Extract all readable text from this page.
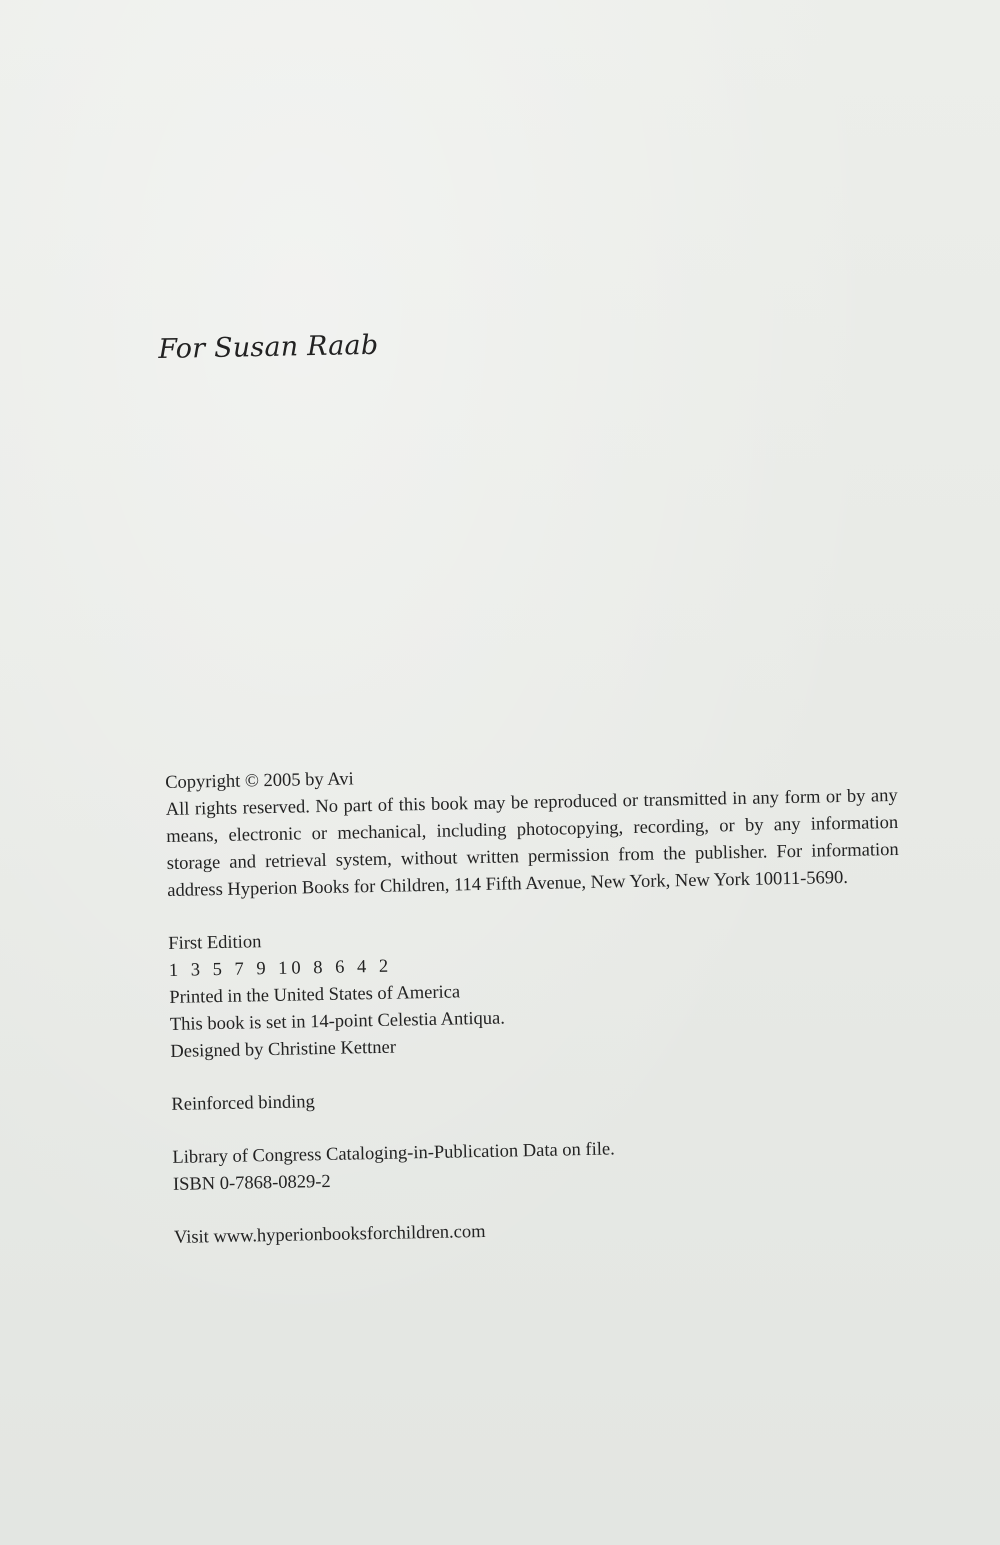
For Susan Raab
Copyright © 2005 by Avi
All rights reserved. No part of this book may be reproduced or transmitted in any form or by any means, electronic or mechanical, including photocopying, recording, or by any information storage and retrieval system, without written permission from the publisher. For information address Hyperion Books for Children, 114 Fifth Avenue, New York, New York 10011-5690.
First Edition
1 3 5 7 9 10 8 6 4 2
Printed in the United States of America
This book is set in 14-point Celestia Antiqua.
Designed by Christine Kettner
Reinforced binding
Library of Congress Cataloging-in-Publication Data on file.
ISBN 0-7868-0829-2
Visit www.hyperionbooksforchildren.com
